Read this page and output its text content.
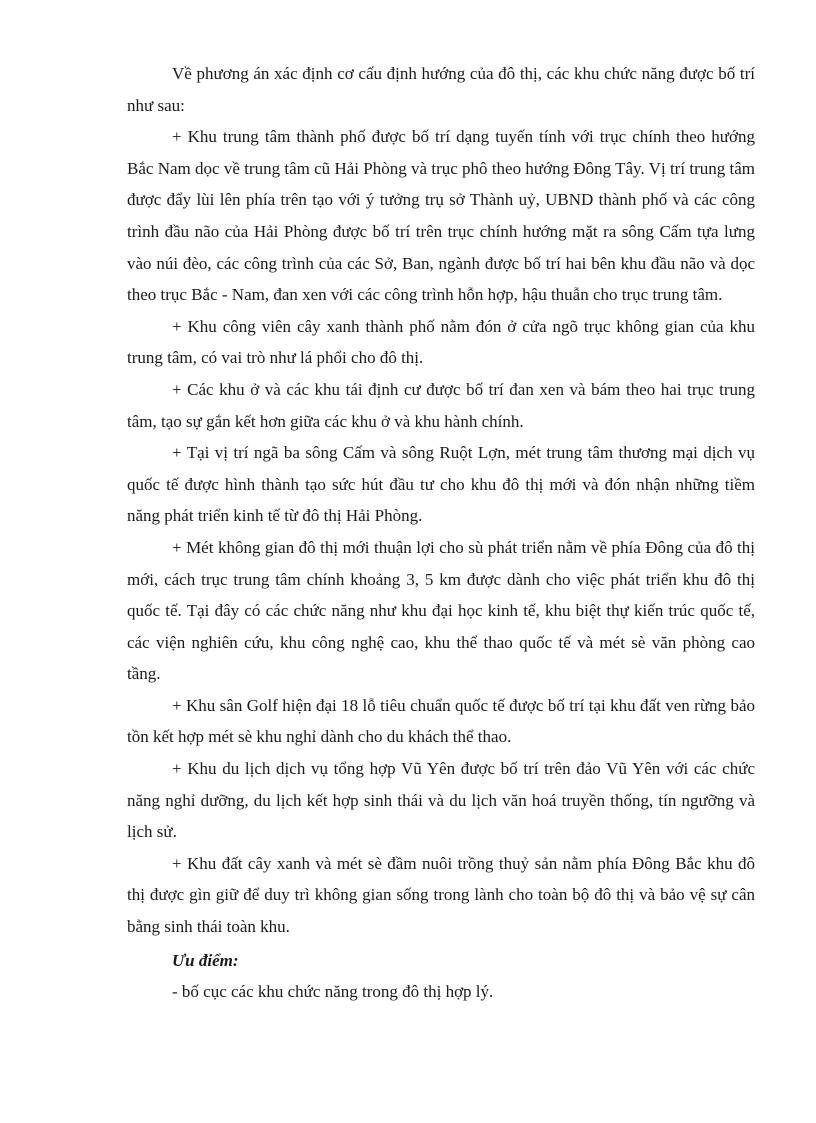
Về phương án xác định cơ cấu định hướng của đô thị, các khu chức năng được bố trí như sau:

+ Khu trung tâm thành phố được bố trí dạng tuyến tính với trục chính theo hướng Bắc Nam dọc về trung tâm cũ Hải Phòng và trục phô theo hướng Đông Tây. Vị trí trung tâm được đẩy lùi lên phía trên tạo với ý tưởng trụ sở Thành uỷ, UBND thành phố và các công trình đầu não của Hải Phòng được bố trí trên trục chính hướng mặt ra sông Cấm tựa lưng vào núi đèo, các công trình của các Sở, Ban, ngành được bố trí hai bên khu đầu não và dọc theo trục Bắc - Nam, đan xen với các công trình hỗn hợp, hậu thuẫn cho trục trung tâm.

+ Khu công viên cây xanh thành phố nằm đón ở cửa ngõ trục không gian của khu trung tâm, có vai trò như lá phổi cho đô thị.

+ Các khu ở và các khu tái định cư được bố trí đan xen và bám theo hai trục trung tâm, tạo sự gắn kết hơn giữa các khu ở và khu hành chính.

+ Tại vị trí ngã ba sông Cấm và sông Ruột Lợn, mét trung tâm thương mại dịch vụ quốc tế được hình thành tạo sức hút đầu tư cho khu đô thị mới và đón nhận những tiềm năng phát triển kinh tế từ đô thị Hải Phòng.

+ Mét không gian đô thị mới thuận lợi cho sù phát triển nằm về phía Đông của đô thị mới, cách trục trung tâm chính khoảng 3, 5 km được dành cho việc phát triển khu đô thị quốc tế. Tại đây có các chức năng như khu đại học kinh tế, khu biệt thự kiến trúc quốc tế, các viện nghiên cứu, khu công nghệ cao, khu thể thao quốc tế và mét sè văn phòng cao tầng.

+ Khu sân Golf hiện đại 18 lỗ tiêu chuẩn quốc tế được bố trí tại khu đất ven rừng bảo tồn kết hợp mét sè khu nghỉ dành cho du khách thể thao.

+ Khu du lịch dịch vụ tổng hợp Vũ Yên được bố trí trên đảo Vũ Yên với các chức năng nghỉ dưỡng, du lịch kết hợp sinh thái và du lịch văn hoá truyền thống, tín ngưỡng và lịch sử.

+ Khu đất cây xanh và mét sè đầm nuôi trồng thuỷ sản nằm phía Đông Bắc khu đô thị được gìn giữ để duy trì không gian sống trong lành cho toàn bộ đô thị và bảo vệ sự cân bằng sinh thái toàn khu.

Ưu điểm:

- bố cục các khu chức năng trong đô thị hợp lý.
